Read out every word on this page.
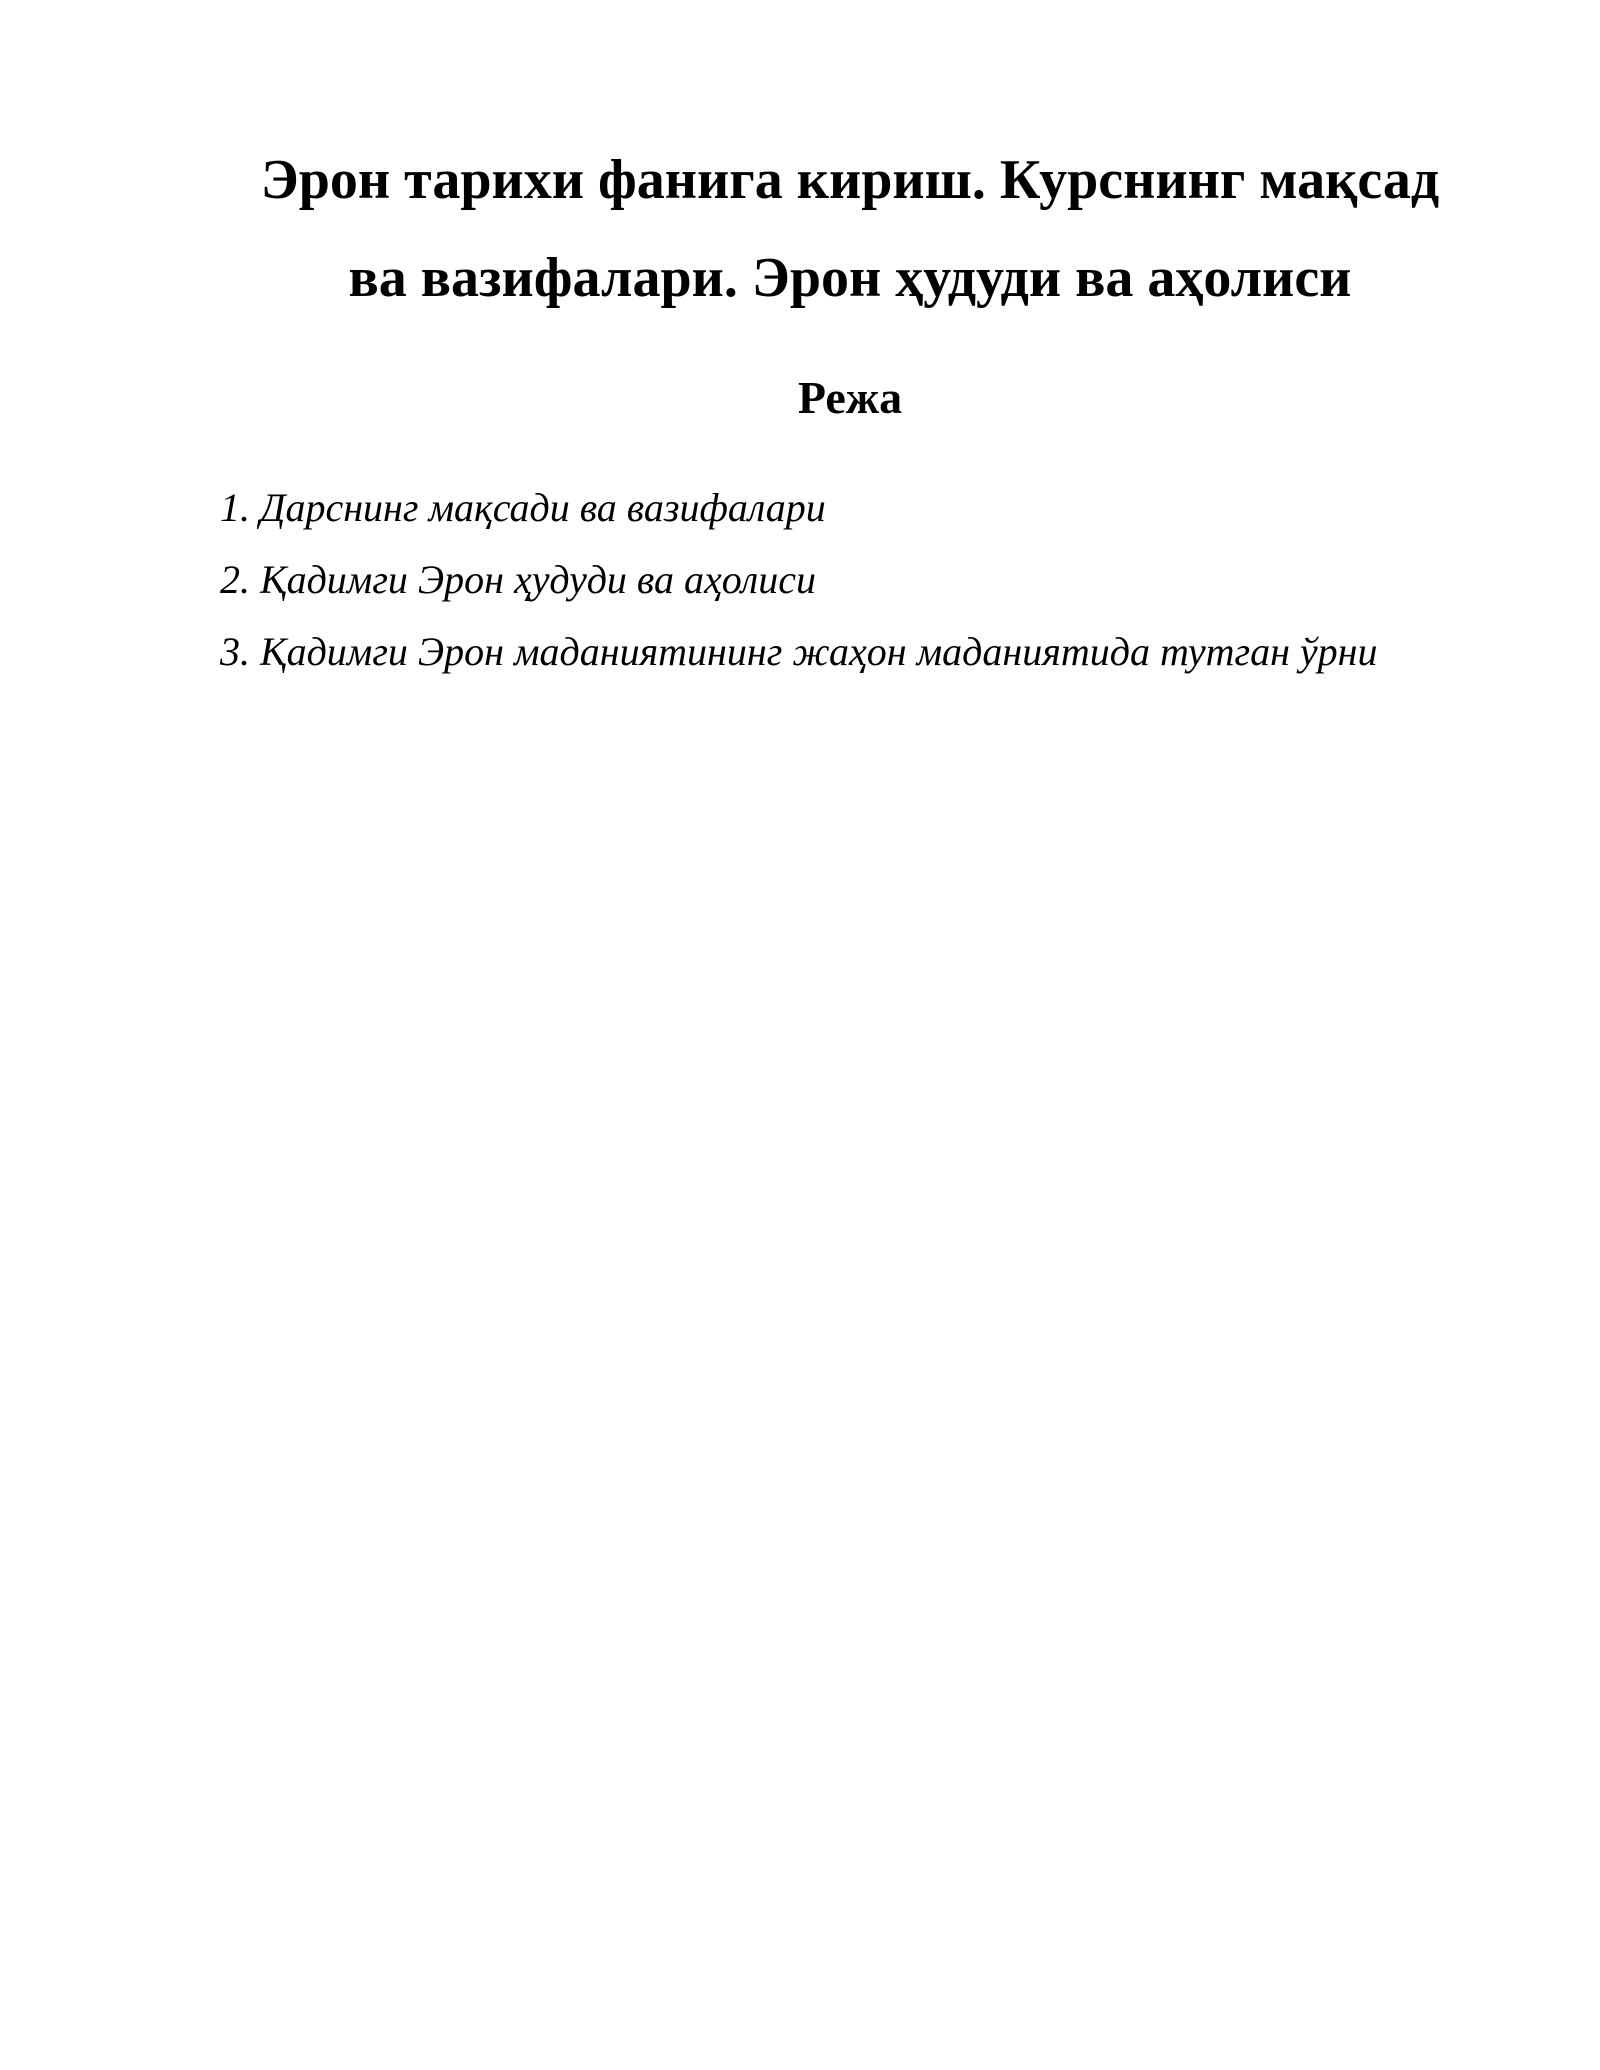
Эрон тарихи фанига кириш. Курснинг мақсад
ва вазифалари. Эрон ҳудуди ва аҳолиси
Режа
1. Дарснинг мақсади ва вазифалари
2. Қадимги Эрон ҳудуди ва аҳолиси
3. Қадимги Эрон маданиятининг жаҳон маданиятида тутган ўрни
